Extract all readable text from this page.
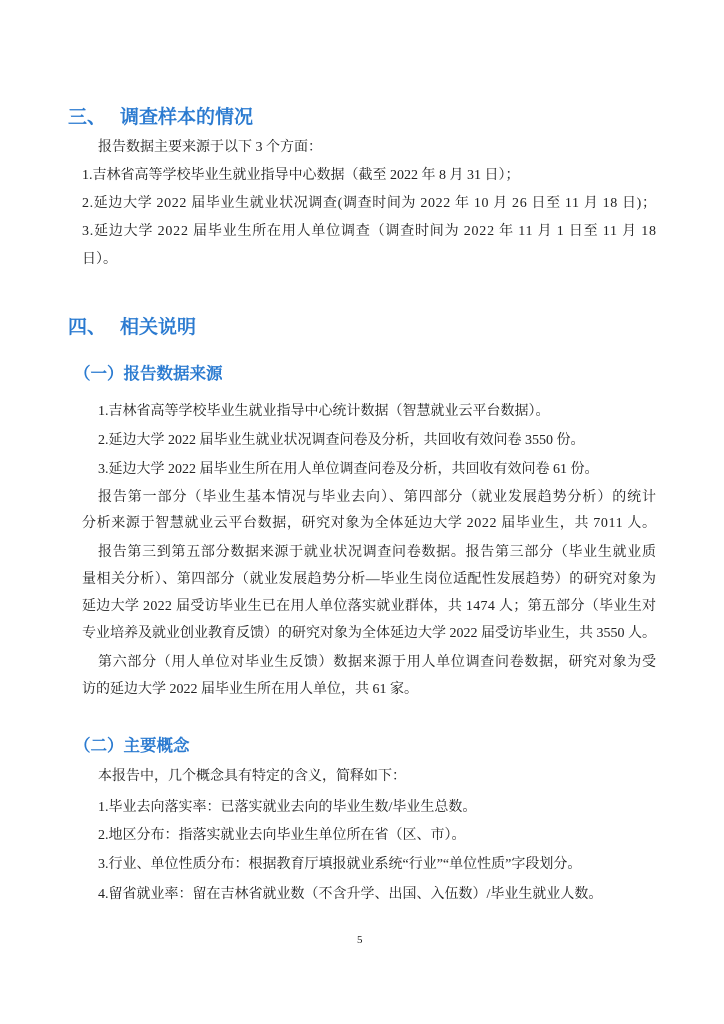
三、 调查样本的情况
报告数据主要来源于以下 3 个方面：
1.吉林省高等学校毕业生就业指导中心数据（截至 2022 年 8 月 31 日）；
2.延边大学 2022 届毕业生就业状况调查(调查时间为 2022 年 10 月 26 日至 11 月 18 日)；
3.延边大学 2022 届毕业生所在用人单位调查（调查时间为 2022 年 11 月 1 日至 11 月 18
日）。
四、 相关说明
（一）报告数据来源
1.吉林省高等学校毕业生就业指导中心统计数据（智慧就业云平台数据）。
2.延边大学 2022 届毕业生就业状况调查问卷及分析，共回收有效问卷 3550 份。
3.延边大学 2022 届毕业生所在用人单位调查问卷及分析，共回收有效问卷 61 份。
报告第一部分（毕业生基本情况与毕业去向）、第四部分（就业发展趋势分析）的统计
分析来源于智慧就业云平台数据，研究对象为全体延边大学 2022 届毕业生，共 7011 人。
报告第三到第五部分数据来源于就业状况调查问卷数据。报告第三部分（毕业生就业质
量相关分析）、第四部分（就业发展趋势分析—毕业生岗位适配性发展趋势）的研究对象为
延边大学 2022 届受访毕业生已在用人单位落实就业群体，共 1474 人；第五部分（毕业生对
专业培养及就业创业教育反馈）的研究对象为全体延边大学 2022 届受访毕业生，共 3550 人。
第六部分（用人单位对毕业生反馈）数据来源于用人单位调查问卷数据，研究对象为受
访的延边大学 2022 届毕业生所在用人单位，共 61 家。
（二）主要概念
本报告中，几个概念具有特定的含义，简释如下：
1.毕业去向落实率：已落实就业去向的毕业生数/毕业生总数。
2.地区分布：指落实就业去向毕业生单位所在省（区、市）。
3.行业、单位性质分布：根据教育厅填报就业系统“行业”“单位性质”字段划分。
4.留省就业率：留在吉林省就业数（不含升学、出国、入伍数）/毕业生就业人数。
5
